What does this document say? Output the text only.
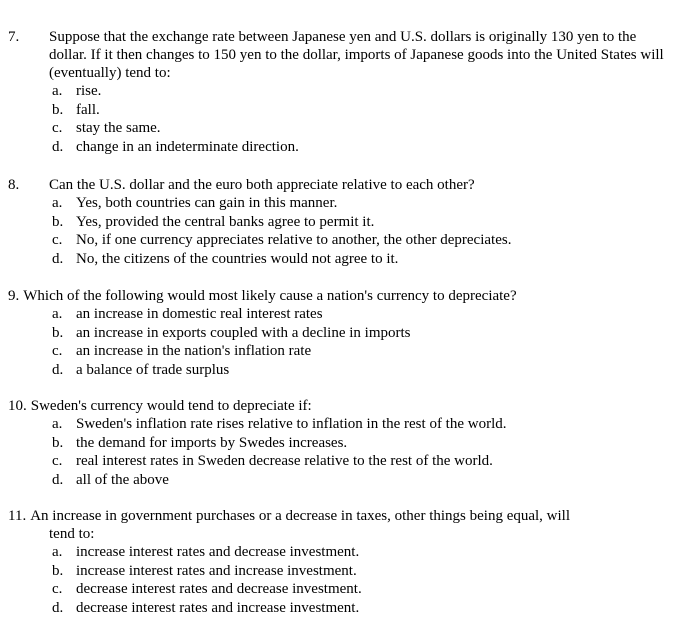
7. Suppose that the exchange rate between Japanese yen and U.S. dollars is originally 130 yen to the dollar. If it then changes to 150 yen to the dollar, imports of Japanese goods into the United States will (eventually) tend to:
a. rise.
b. fall.
c. stay the same.
d. change in an indeterminate direction.
8. Can the U.S. dollar and the euro both appreciate relative to each other?
a. Yes, both countries can gain in this manner.
b. Yes, provided the central banks agree to permit it.
c. No, if one currency appreciates relative to another, the other depreciates.
d. No, the citizens of the countries would not agree to it.
9. Which of the following would most likely cause a nation's currency to depreciate?
a. an increase in domestic real interest rates
b. an increase in exports coupled with a decline in imports
c. an increase in the nation's inflation rate
d. a balance of trade surplus
10. Sweden's currency would tend to depreciate if:
a. Sweden's inflation rate rises relative to inflation in the rest of the world.
b. the demand for imports by Swedes increases.
c. real interest rates in Sweden decrease relative to the rest of the world.
d. all of the above
11. An increase in government purchases or a decrease in taxes, other things being equal, will
tend to:
a. increase interest rates and decrease investment.
b. increase interest rates and increase investment.
c. decrease interest rates and decrease investment.
d. decrease interest rates and increase investment.
